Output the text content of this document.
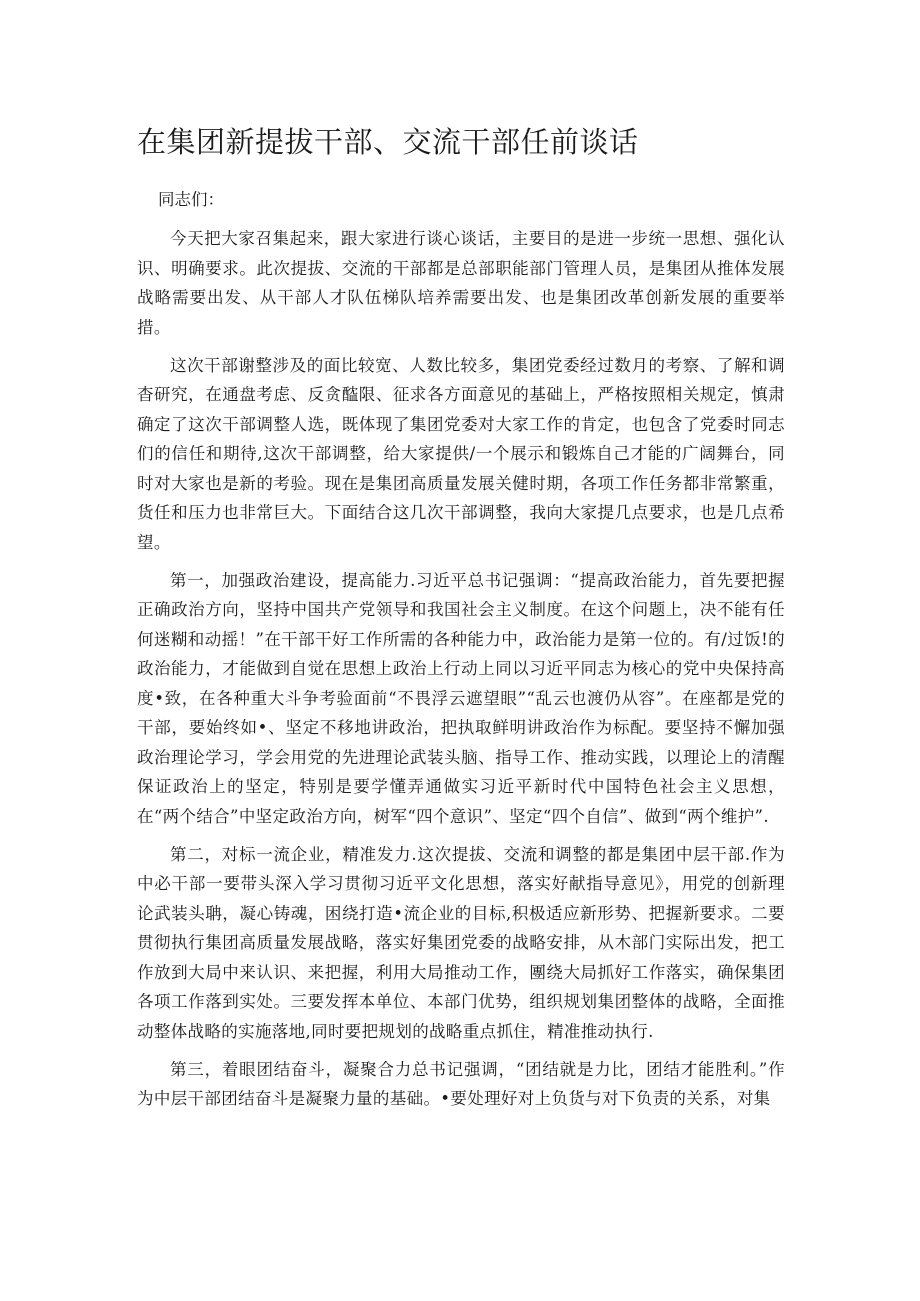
在集团新提拔干部、交流干部任前谈话

同志们：

今天把大家召集起来，跟大家进行谈心谈话，主要目的是进一步统一思想、强化认识、明确要求。此次提拔、交流的干部都是总部职能部门管理人员，是集团从推体发展战略需要出发、从干部人才队伍梯队培养需要出发、也是集团改革创新发展的重要举措。

这次干部谢整涉及的面比较宽、人数比较多，集团党委经过数月的考察、了解和调杳研究，在通盘考虑、反贪醓限、征求各方面意见的基础上，严格按照相关规定，慎肃确定了这次干部调整人选，既体现了集团党委对大家工作的肯定，也包含了党委时同志们的信任和期待,这次干部调整，给大家提供/一个展示和锻炼自己才能的广阔舞台，同时对大家也是新的考验。现在是集团高质量发展关健时期，各项工作任务都非常繁重，货任和压力也非常巨大。下面结合这几次干部调整，我向大家提几点要求，也是几点希望。

第一，加强政治建设，提高能力.习近平总书记强调：“提高政治能力，首先要把握正确政治方向，坚持中国共产党领导和我国社会主义制度。在这个问题上，决不能有任何迷糊和动摇！”在干部干好工作所需的各种能力中，政治能力是第一位的。有/过饭!的政治能力，才能做到自觉在思想上政治上行动上同以习近平同志为核心的党中央保持高度•致，在各种重大斗争考验面前“不畏浮云遮望眼”“乱云也渡仍从容”。在座都是党的干部，要始终如•、坚定不移地讲政治，把执取鲜明讲政治作为标配。要坚持不懈加强政治理论学习，学会用党的先进理论武装头脑、指导工作、推动实践，以理论上的清醒保证政治上的坚定，特别是要学懂弄通做实习近平新时代中国特色社会主义思想，在“两个结合”中坚定政治方向，树军“四个意识”、坚定“四个自信”、做到“两个维护”.

第二，对标一流企业，精准发力.这次提拔、交流和调整的都是集团中层干部.作为中必干部一要带头深入学习贯彻习近平文化思想，落实好献指导意见》，用党的创新理论武装头聃，凝心铸魂，困绕打造•流企业的目标,积极适应新形势、把握新要求。二要贯彻执行集团高质量发展战略，落实好集团党委的战略安排，从木部门实际出发，把工作放到大局中来认识、来把握，利用大局推动工作，團绕大局抓好工作落实，确保集团各项工作落到实处。三要发挥本单位、本部门优势，组织规划集团整体的战略，全面推动整体战略的实施落地,同时要把规划的战略重点抓住，精准推动执行.

第三，着眼团结奋斗，凝聚合力总书记强调，“团结就是力比，团结才能胜利。”作为中层干部团结奋斗是凝聚力量的基础。•要处理好对上负货与对下负责的关系，对集
